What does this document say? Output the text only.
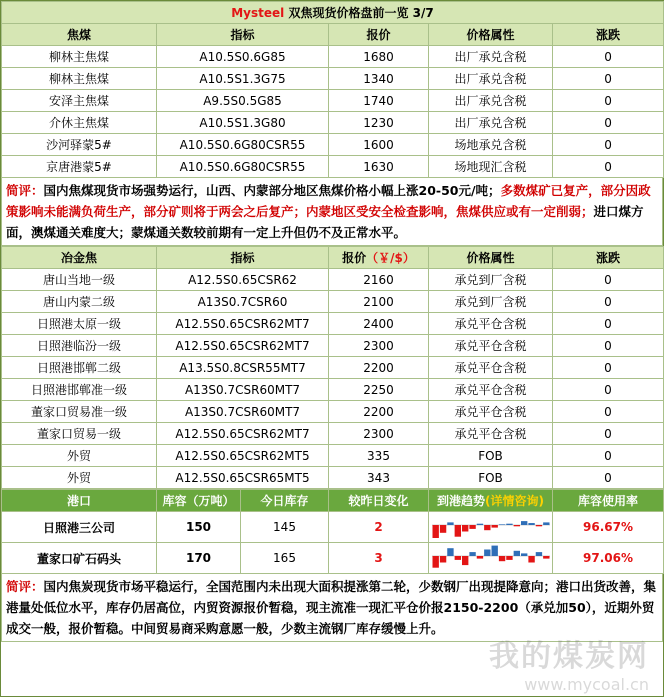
Mysteel 双焦现货价格盘前一览 3/7				
焦煤	指标	报价	价格属性	涨跌
柳林主焦煤	A10.5S0.6G85	1680	出厂承兑含税	0
柳林主焦煤	A10.5S1.3G75	1340	出厂承兑含税	0
安泽主焦煤	A9.5S0.5G85	1740	出厂承兑含税	0
介休主焦煤	A10.5S1.3G80	1230	出厂承兑含税	0
沙河驿蒙5#	A10.5S0.6G80CSR55	1600	场地承兑含税	0
京唐港蒙5#	A10.5S0.6G80CSR55	1630	场地现汇含税	0
简评：国内焦煤现货市场强势运行，山西、内蒙部分地区焦煤价格小幅上涨20-50元/吨；多数煤矿已复产，部分因政策影响未能满负荷生产，部分矿则将于两会之后复产；内蒙地区受安全检查影响，焦煤供应或有一定削弱；进口煤方面，澳煤通关难度大；蒙煤通关数较前期有一定上升但仍不及正常水平。
冶金焦	指标	报价（￥/$）	价格属性	涨跌
唐山当地一级	A12.5S0.65CSR62	2160	承兑到厂含税	0
唐山内蒙二级	A13S0.7CSR60	2100	承兑到厂含税	0
日照港太原一级	A12.5S0.65CSR62MT7	2400	承兑平仓含税	0
日照港临汾一级	A12.5S0.65CSR62MT7	2300	承兑平仓含税	0
日照港邯郸二级	A13.5S0.8CSR55MT7	2200	承兑平仓含税	0
日照港邯郸准一级	A13S0.7CSR60MT7	2250	承兑平仓含税	0
董家口贸易准一级	A13S0.7CSR60MT7	2200	承兑平仓含税	0
董家口贸易一级	A12.5S0.65CSR62MT7	2300	承兑平仓含税	0
外贸	A12.5S0.65CSR62MT5	335	FOB	0
外贸	A12.5S0.65CSR65MT5	343	FOB	0
港口	库容（万吨）	今日库存	较昨日变化	到港趋势(详情咨询)	库容使用率
日照港三公司	150	145	2		96.67%
董家口矿石码头	170	165	3		97.06%
简评：国内焦炭现货市场平稳运行，全国范围内未出现大面积提涨第二轮，少数钢厂出现提降意向；港口出货改善，集港量处低位水平，库存仍居高位，内贸资源报价暂稳，现主流准一现汇平仓价报2150-2200（承兑加50），近期外贸成交一般，报价暂稳。中间贸易商采购意愿一般，少数主流钢厂库存缓慢上升。
我的煤炭网
www.mycoal.cn
